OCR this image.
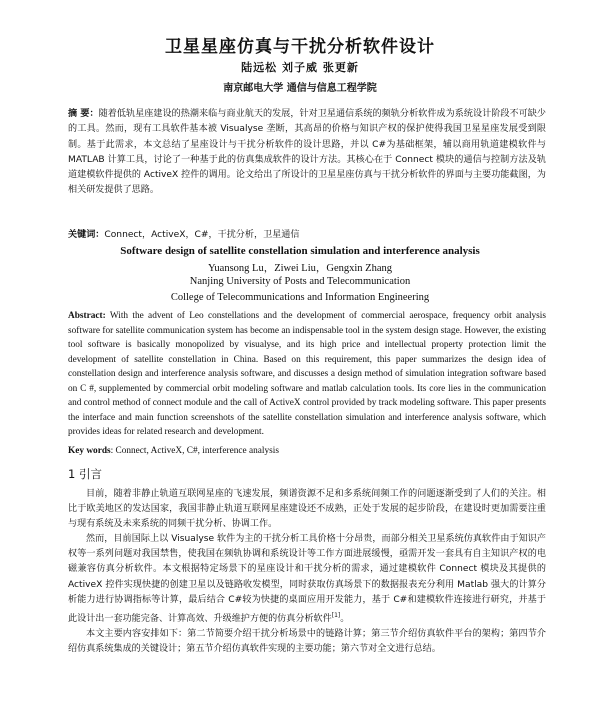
卫星星座仿真与干扰分析软件设计
陆远松 刘子威 张更新
南京邮电大学 通信与信息工程学院
摘 要：随着低轨星座建设的热潮来临与商业航天的发展，针对卫星通信系统的频轨分析软件成为系统设计阶段不可缺少的工具。然而，现有工具软件基本被 Visualyse 垄断，其高昂的价格与知识产权的保护使得我国卫星星座发展受到限制。基于此需求，本文总结了星座设计与干扰分析软件的设计思路，并以 C#为基础框架，辅以商用轨道建模软件与 MATLAB 计算工具，讨论了一种基于此的仿真集成软件的设计方法。其核心在于 Connect 模块的通信与控制方法及轨道建模软件提供的 ActiveX 控件的调用。论文给出了所设计的卫星星座仿真与干扰分析软件的界面与主要功能截图，为相关研发提供了思路。
关键词：Connect，ActiveX，C#，干扰分析，卫星通信
Software design of satellite constellation simulation and interference analysis
Yuansong Lu，Ziwei Liu，Gengxin Zhang
Nanjing University of Posts and Telecommunication
College of Telecommunications and Information Engineering
Abstract: With the advent of Leo constellations and the development of commercial aerospace, frequency orbit analysis software for satellite communication system has become an indispensable tool in the system design stage. However, the existing tool software is basically monopolized by visualyse, and its high price and intellectual property protection limit the development of satellite constellation in China. Based on this requirement, this paper summarizes the design idea of constellation design and interference analysis software, and discusses a design method of simulation integration software based on C #, supplemented by commercial orbit modeling software and matlab calculation tools. Its core lies in the communication and control method of connect module and the call of ActiveX control provided by track modeling software. This paper presents the interface and main function screenshots of the satellite constellation simulation and interference analysis software, which provides ideas for related research and development.
Key words: Connect, ActiveX, C#, interference analysis
1 引言

目前，随着非静止轨道互联网星座的飞速发展，频谱资源不足和多系统间频工作的问题逐渐受到了人们的关注。相比于欧美地区的发达国家，我国非静止轨道互联网星座建设还不成熟，正处于发展的起步阶段，在建设时更加需要注重与现有系统及未来系统的同频干扰分析、协调工作。

然而，目前国际上以 Visualyse 软件为主的干扰分析工具价格十分昂贵，而部分相关卫星系统仿真软件由于知识产权等一系列问题对我国禁售，使我国在频轨协调和系统设计等工作方面进展缓慢，亟需开发一套具有自主知识产权的电磁兼容仿真分析软件。本文根据特定场景下的星座设计和干扰分析的需求，通过建模软件 Connect 模块及其提供的 ActiveX 控件实现快捷的创建卫星以及链路收发模型，同时获取仿真场景下的数据报表充分利用 Matlab 强大的计算分析能力进行协调指标等计算，最后结合 C#较为快捷的桌面应用开发能力，基于 C#和建模软件连接进行研究，并基于此设计出一套功能完备、计算高效、升级维护方便的仿真分析软件[1]。

本文主要内容安排如下：第二节简要介绍干扰分析场景中的链路计算；第三节介绍仿真软件平台的架构；第四节介绍仿真系统集成的关键设计；第五节介绍仿真软件实现的主要功能；第六节对全文进行总结。
